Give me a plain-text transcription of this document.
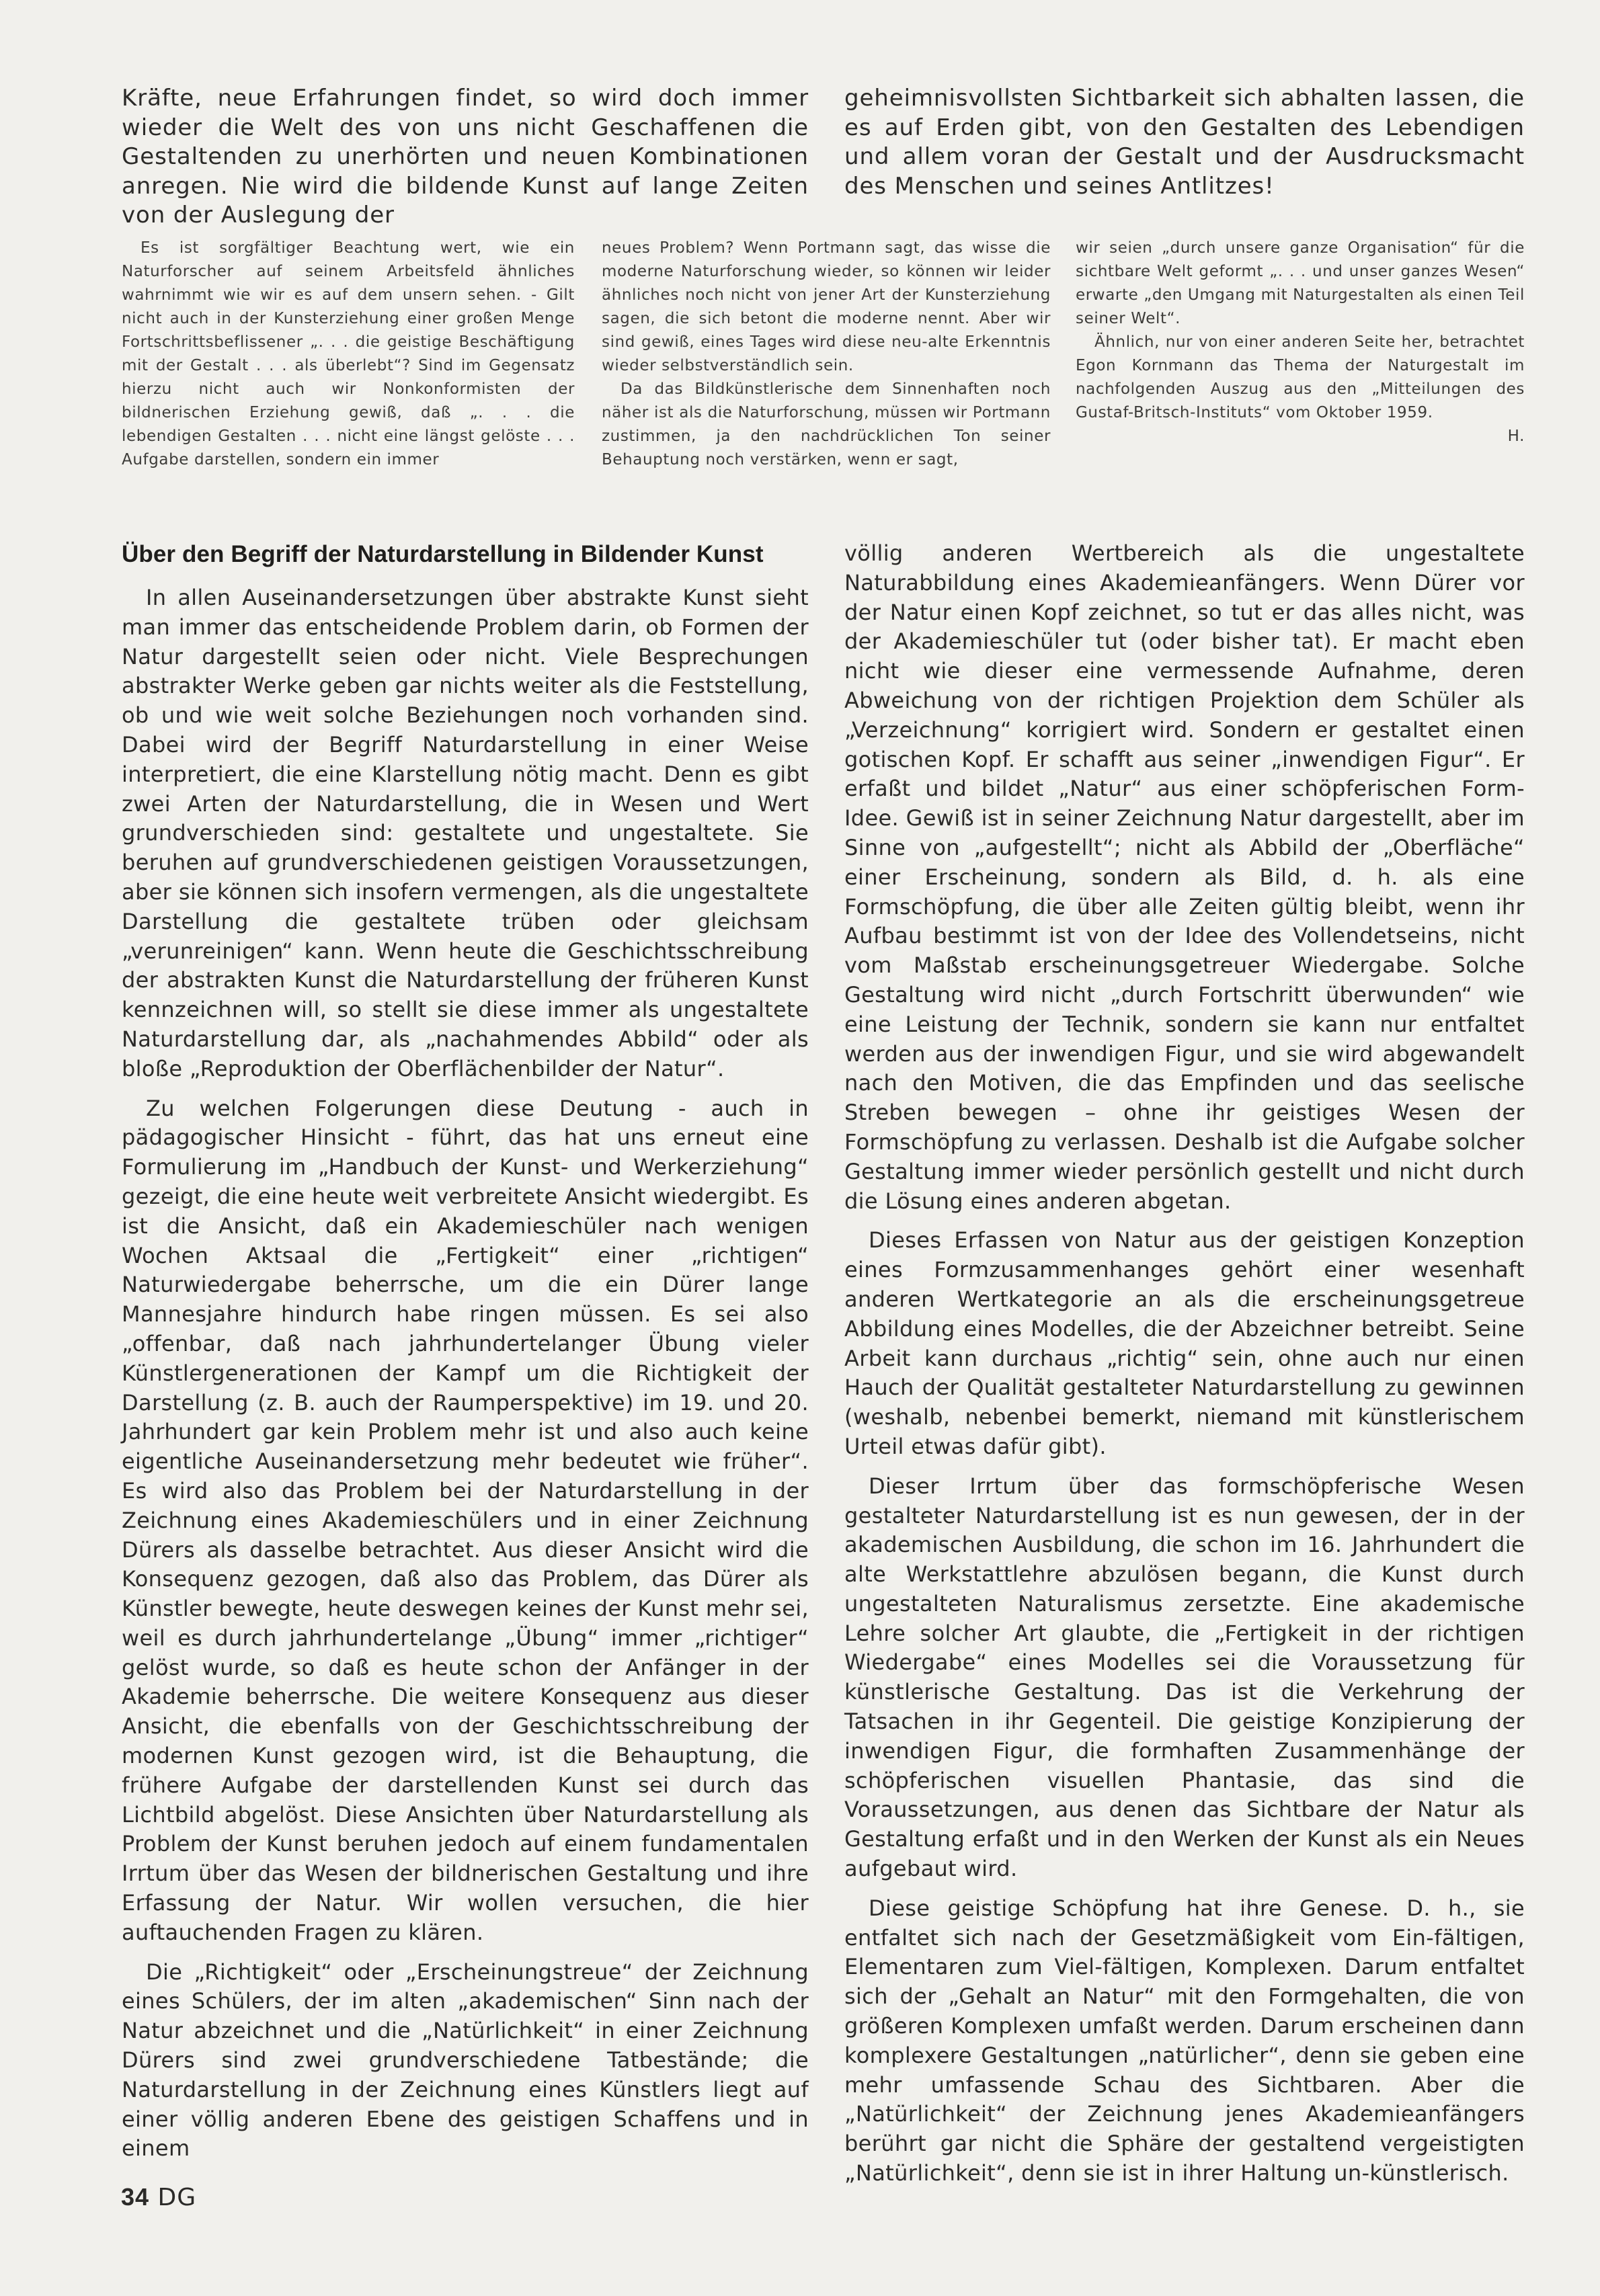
Kräfte, neue Erfahrungen findet, so wird doch immer wieder die Welt des von uns nicht Geschaffenen die Gestaltenden zu unerhörten und neuen Kombinationen anregen. Nie wird die bildende Kunst auf lange Zeiten von der Auslegung der

geheimnisvollsten Sichtbarkeit sich abhalten lassen, die es auf Erden gibt, von den Gestalten des Lebendigen und allem voran der Gestalt und der Ausdrucksmacht des Menschen und seines Antlitzes!

Es ist sorgfältiger Beachtung wert, wie ein Naturforscher auf seinem Arbeitsfeld ähnliches wahrnimmt wie wir es auf dem unsern sehen. - Gilt nicht auch in der Kunsterziehung einer großen Menge Fortschrittsbeflissener „. . . die geistige Beschäftigung mit der Gestalt . . . als überlebt“? Sind im Gegensatz hierzu nicht auch wir Nonkonformisten der bildnerischen Erziehung gewiß, daß „. . . die lebendigen Gestalten . . . nicht eine längst gelöste . . . Aufgabe darstellen, sondern ein immer

neues Problem? Wenn Portmann sagt, das wisse die moderne Naturforschung wieder, so können wir leider ähnliches noch nicht von jener Art der Kunsterziehung sagen, die sich betont die moderne nennt. Aber wir sind gewiß, eines Tages wird diese neu-alte Erkenntnis wieder selbstverständlich sein.

Da das Bildkünstlerische dem Sinnenhaften noch näher ist als die Naturforschung, müssen wir Portmann zustimmen, ja den nachdrücklichen Ton seiner Behauptung noch verstärken, wenn er sagt,

wir seien „durch unsere ganze Organisation“ für die sichtbare Welt geformt „. . . und unser ganzes Wesen“ erwarte „den Umgang mit Naturgestalten als einen Teil seiner Welt“.

Ähnlich, nur von einer anderen Seite her, betrachtet Egon Kornmann das Thema der Naturgestalt im nachfolgenden Auszug aus den „Mitteilungen des Gustaf-Britsch-Instituts“ vom Oktober 1959.

H.

Über den Begriff der Naturdarstellung in Bildender Kunst

In allen Auseinandersetzungen über abstrakte Kunst sieht man immer das entscheidende Problem darin, ob Formen der Natur dargestellt seien oder nicht. Viele Besprechungen abstrakter Werke geben gar nichts weiter als die Feststellung, ob und wie weit solche Beziehungen noch vorhanden sind. Dabei wird der Begriff Naturdarstellung in einer Weise interpretiert, die eine Klarstellung nötig macht. Denn es gibt zwei Arten der Naturdarstellung, die in Wesen und Wert grundverschieden sind: gestaltete und ungestaltete. Sie beruhen auf grundverschiedenen geistigen Voraussetzungen, aber sie können sich insofern vermengen, als die ungestaltete Darstellung die gestaltete trüben oder gleichsam „verunreinigen“ kann. Wenn heute die Geschichtsschreibung der abstrakten Kunst die Naturdarstellung der früheren Kunst kennzeichnen will, so stellt sie diese immer als ungestaltete Naturdarstellung dar, als „nachahmendes Abbild“ oder als bloße „Reproduktion der Oberflächenbilder der Natur“.

Zu welchen Folgerungen diese Deutung - auch in pädagogischer Hinsicht - führt, das hat uns erneut eine Formulierung im „Handbuch der Kunst- und Werkerziehung“ gezeigt, die eine heute weit verbreitete Ansicht wiedergibt. Es ist die Ansicht, daß ein Akademieschüler nach wenigen Wochen Aktsaal die „Fertigkeit“ einer „richtigen“ Naturwiedergabe beherrsche, um die ein Dürer lange Mannesjahre hindurch habe ringen müssen. Es sei also „offenbar, daß nach jahrhundertelanger Übung vieler Künstlergenerationen der Kampf um die Richtigkeit der Darstellung (z. B. auch der Raumperspektive) im 19. und 20. Jahrhundert gar kein Problem mehr ist und also auch keine eigentliche Auseinandersetzung mehr bedeutet wie früher“. Es wird also das Problem bei der Naturdarstellung in der Zeichnung eines Akademieschülers und in einer Zeichnung Dürers als dasselbe betrachtet. Aus dieser Ansicht wird die Konsequenz gezogen, daß also das Problem, das Dürer als Künstler bewegte, heute deswegen keines der Kunst mehr sei, weil es durch jahrhundertelange „Übung“ immer „richtiger“ gelöst wurde, so daß es heute schon der Anfänger in der Akademie beherrsche. Die weitere Konsequenz aus dieser Ansicht, die ebenfalls von der Geschichtsschreibung der modernen Kunst gezogen wird, ist die Behauptung, die frühere Aufgabe der darstellenden Kunst sei durch das Lichtbild abgelöst. Diese Ansichten über Naturdarstellung als Problem der Kunst beruhen jedoch auf einem fundamentalen Irrtum über das Wesen der bildnerischen Gestaltung und ihre Erfassung der Natur. Wir wollen versuchen, die hier auftauchenden Fragen zu klären.

Die „Richtigkeit“ oder „Erscheinungstreue“ der Zeichnung eines Schülers, der im alten „akademischen“ Sinn nach der Natur abzeichnet und die „Natürlichkeit“ in einer Zeichnung Dürers sind zwei grundverschiedene Tatbestände; die Naturdarstellung in der Zeichnung eines Künstlers liegt auf einer völlig anderen Ebene des geistigen Schaffens und in einem

völlig anderen Wertbereich als die ungestaltete Naturabbildung eines Akademieanfängers. Wenn Dürer vor der Natur einen Kopf zeichnet, so tut er das alles nicht, was der Akademieschüler tut (oder bisher tat). Er macht eben nicht wie dieser eine vermessende Aufnahme, deren Abweichung von der richtigen Projektion dem Schüler als „Verzeichnung“ korrigiert wird. Sondern er gestaltet einen gotischen Kopf. Er schafft aus seiner „inwendigen Figur“. Er erfaßt und bildet „Natur“ aus einer schöpferischen Form-Idee. Gewiß ist in seiner Zeichnung Natur dargestellt, aber im Sinne von „aufgestellt“; nicht als Abbild der „Oberfläche“ einer Erscheinung, sondern als Bild, d. h. als eine Formschöpfung, die über alle Zeiten gültig bleibt, wenn ihr Aufbau bestimmt ist von der Idee des Vollendetseins, nicht vom Maßstab erscheinungsgetreuer Wiedergabe. Solche Gestaltung wird nicht „durch Fortschritt überwunden“ wie eine Leistung der Technik, sondern sie kann nur entfaltet werden aus der inwendigen Figur, und sie wird abgewandelt nach den Motiven, die das Empfinden und das seelische Streben bewegen – ohne ihr geistiges Wesen der Formschöpfung zu verlassen. Deshalb ist die Aufgabe solcher Gestaltung immer wieder persönlich gestellt und nicht durch die Lösung eines anderen abgetan.

Dieses Erfassen von Natur aus der geistigen Konzeption eines Formzusammenhanges gehört einer wesenhaft anderen Wertkategorie an als die erscheinungsgetreue Abbildung eines Modelles, die der Abzeichner betreibt. Seine Arbeit kann durchaus „richtig“ sein, ohne auch nur einen Hauch der Qualität gestalteter Naturdarstellung zu gewinnen (weshalb, nebenbei bemerkt, niemand mit künstlerischem Urteil etwas dafür gibt).

Dieser Irrtum über das formschöpferische Wesen gestalteter Naturdarstellung ist es nun gewesen, der in der akademischen Ausbildung, die schon im 16. Jahrhundert die alte Werkstattlehre abzulösen begann, die Kunst durch ungestalteten Naturalismus zersetzte. Eine akademische Lehre solcher Art glaubte, die „Fertigkeit in der richtigen Wiedergabe“ eines Modelles sei die Voraussetzung für künstlerische Gestaltung. Das ist die Verkehrung der Tatsachen in ihr Gegenteil. Die geistige Konzipierung der inwendigen Figur, die formhaften Zusammenhänge der schöpferischen visuellen Phantasie, das sind die Voraussetzungen, aus denen das Sichtbare der Natur als Gestaltung erfaßt und in den Werken der Kunst als ein Neues aufgebaut wird.

Diese geistige Schöpfung hat ihre Genese. D. h., sie entfaltet sich nach der Gesetzmäßigkeit vom Ein-fältigen, Elementaren zum Viel-fältigen, Komplexen. Darum entfaltet sich der „Gehalt an Natur“ mit den Formgehalten, die von größeren Komplexen umfaßt werden. Darum erscheinen dann komplexere Gestaltungen „natürlicher“, denn sie geben eine mehr umfassende Schau des Sichtbaren. Aber die „Natürlichkeit“ der Zeichnung jenes Akademieanfängers berührt gar nicht die Sphäre der gestaltend vergeistigten „Natürlichkeit“, denn sie ist in ihrer Haltung un-künstlerisch.

34 DG
